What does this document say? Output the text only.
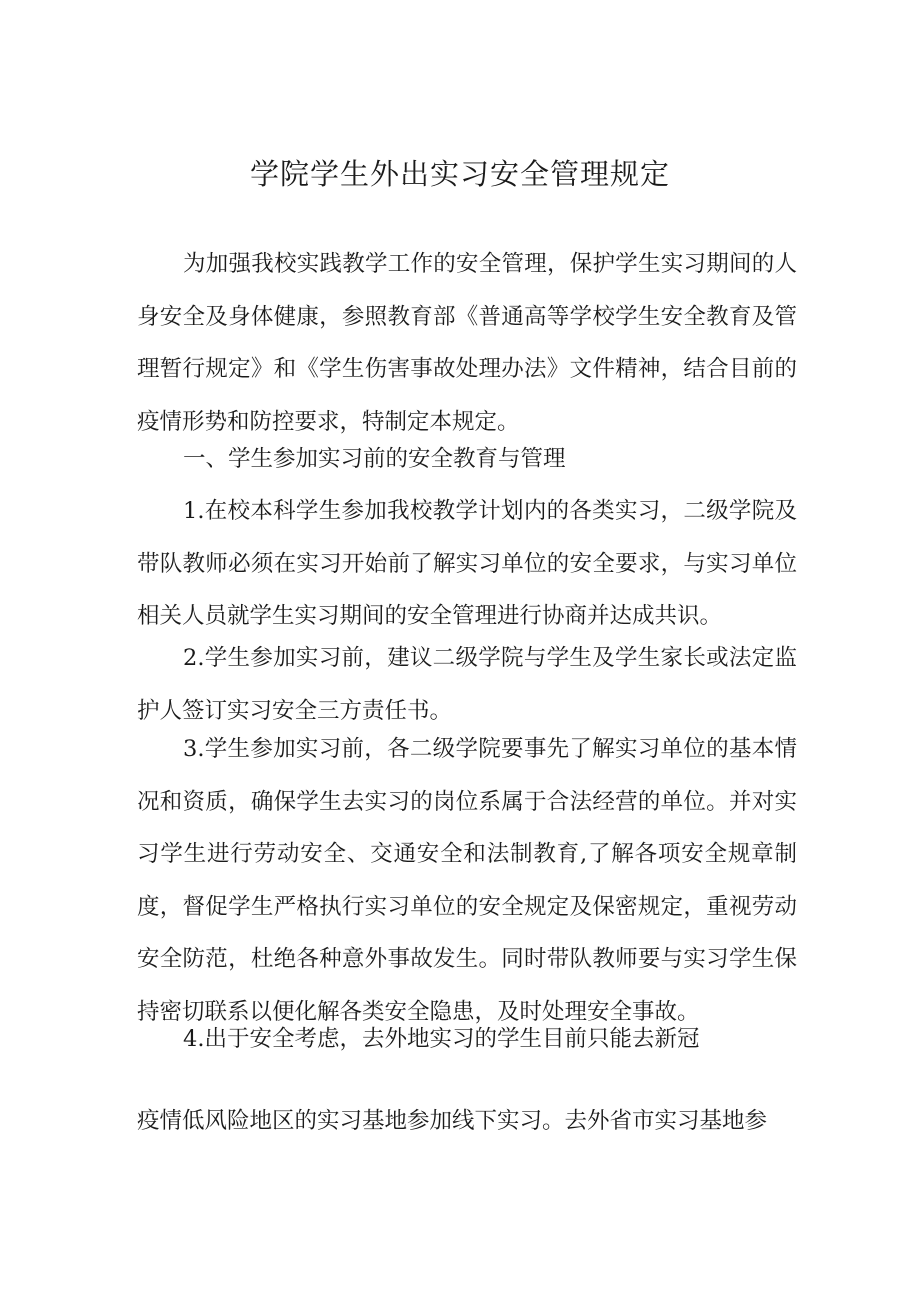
学院学生外出实习安全管理规定

为加强我校实践教学工作的安全管理，保护学生实习期间的人身安全及身体健康，参照教育部《普通高等学校学生安全教育及管理暂行规定》和《学生伤害事故处理办法》文件精神，结合目前的疫情形势和防控要求，特制定本规定。

一、学生参加实习前的安全教育与管理

1.在校本科学生参加我校教学计划内的各类实习，二级学院及带队教师必须在实习开始前了解实习单位的安全要求，与实习单位相关人员就学生实习期间的安全管理进行协商并达成共识。

2.学生参加实习前，建议二级学院与学生及学生家长或法定监护人签订实习安全三方责任书。

3.学生参加实习前，各二级学院要事先了解实习单位的基本情况和资质，确保学生去实习的岗位系属于合法经营的单位。并对实习学生进行劳动安全、交通安全和法制教育,了解各项安全规章制度，督促学生严格执行实习单位的安全规定及保密规定，重视劳动安全防范，杜绝各种意外事故发生。同时带队教师要与实习学生保持密切联系以便化解各类安全隐患，及时处理安全事故。

4.出于安全考虑，去外地实习的学生目前只能去新冠

疫情低风险地区的实习基地参加线下实习。去外省市实习基地参
